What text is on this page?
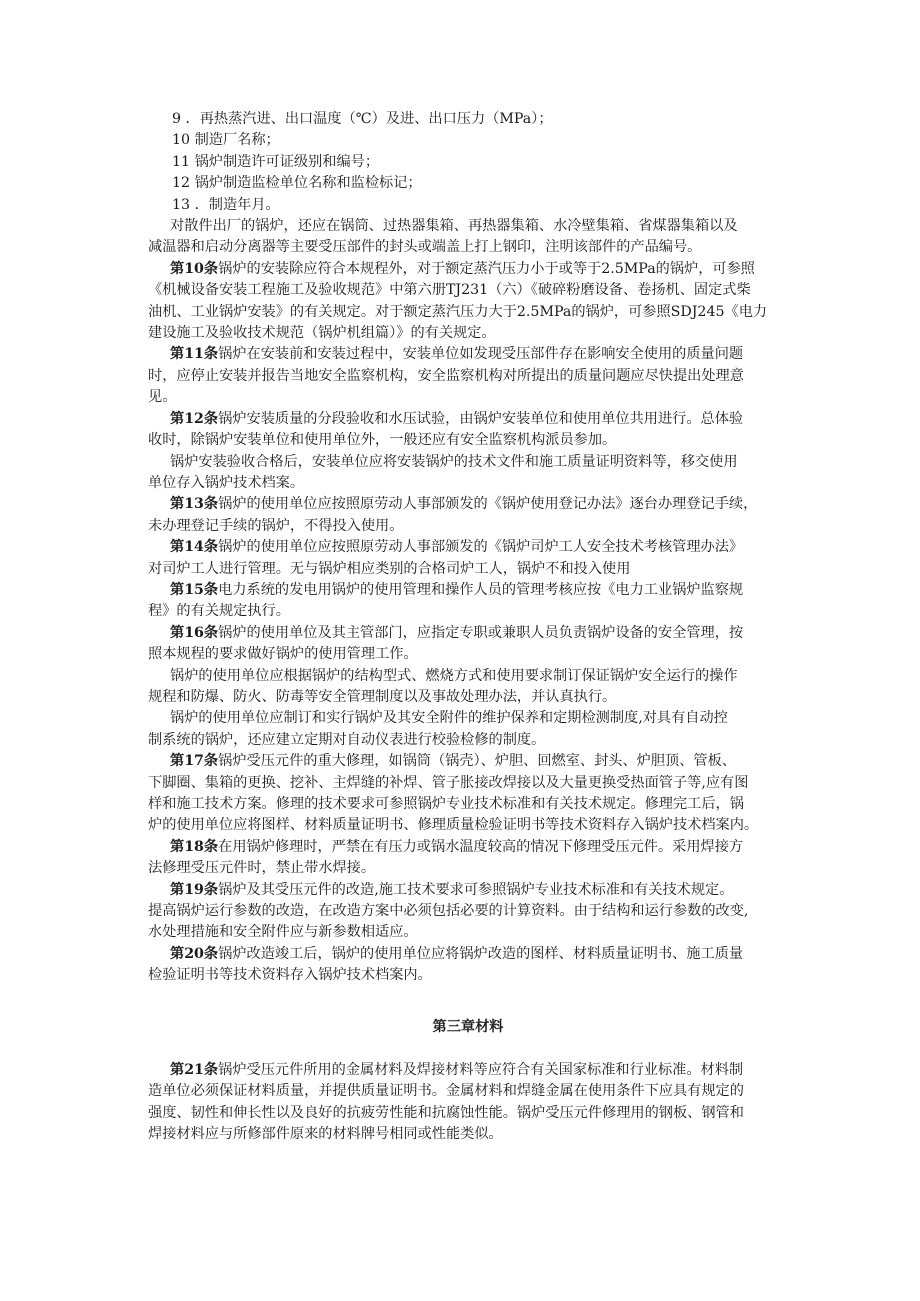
9 ．再热蒸汽进、出口温度（℃）及进、出口压力（MPa）；
10 制造厂名称；
11 锅炉制造许可证级别和编号；
12 锅炉制造监检单位名称和监检标记；
13 ．制造年月。
对散件出厂的锅炉，还应在锅筒、过热器集箱、再热器集箱、水冷壁集箱、省煤器集箱以及
减温器和启动分离器等主要受压部件的封头或端盖上打上钢印，注明该部件的产品编号。
第10条锅炉的安装除应符合本规程外，对于额定蒸汽压力小于或等于2.5MPa的锅炉，可参照
《机械设备安装工程施工及验收规范》中第六册TJ231（六）《破碎粉磨设备、卷扬机、固定式柴
油机、工业锅炉安装》的有关规定。对于额定蒸汽压力大于2.5MPa的锅炉，可参照SDJ245《电力
建设施工及验收技术规范（锅炉机组篇）》的有关规定。
第11条锅炉在安装前和安装过程中，安装单位如发现受压部件存在影响安全使用的质量问题
时，应停止安装并报告当地安全监察机构，安全监察机构对所提出的质量问题应尽快提出处理意
见。
第12条锅炉安装质量的分段验收和水压试验，由锅炉安装单位和使用单位共用进行。总体验
收时，除锅炉安装单位和使用单位外，一般还应有安全监察机构派员参加。
锅炉安装验收合格后，安装单位应将安装锅炉的技术文件和施工质量证明资料等，移交使用
单位存入锅炉技术档案。
第13条锅炉的使用单位应按照原劳动人事部颁发的《锅炉使用登记办法》逐台办理登记手续，
未办理登记手续的锅炉，不得投入使用。
第14条锅炉的使用单位应按照原劳动人事部颁发的《锅炉司炉工人安全技术考核管理办法》
对司炉工人进行管理。无与锅炉相应类别的合格司炉工人，锅炉不和投入使用
第15条电力系统的发电用锅炉的使用管理和操作人员的管理考核应按《电力工业锅炉监察规
程》的有关规定执行。
第16条锅炉的使用单位及其主管部门，应指定专职或兼职人员负责锅炉设备的安全管理，按
照本规程的要求做好锅炉的使用管理工作。
锅炉的使用单位应根据锅炉的结构型式、燃烧方式和使用要求制订保证锅炉安全运行的操作
规程和防爆、防火、防毒等安全管理制度以及事故处理办法，并认真执行。
锅炉的使用单位应制订和实行锅炉及其安全附件的维护保养和定期检测制度,对具有自动控
制系统的锅炉，还应建立定期对自动仪表进行校验检修的制度。
第17条锅炉受压元件的重大修理，如锅筒（锅壳）、炉胆、回燃室、封头、炉胆顶、管板、
下脚圈、集箱的更换、挖补、主焊缝的补焊、管子胀接改焊接以及大量更换受热面管子等,应有图
样和施工技术方案。修理的技术要求可参照锅炉专业技术标准和有关技术规定。修理完工后，锅
炉的使用单位应将图样、材料质量证明书、修理质量检验证明书等技术资料存入锅炉技术档案内。
第18条在用锅炉修理时，严禁在有压力或锅水温度较高的情况下修理受压元件。采用焊接方
法修理受压元件时，禁止带水焊接。
第19条锅炉及其受压元件的改造,施工技术要求可参照锅炉专业技术标准和有关技术规定。
提高锅炉运行参数的改造，在改造方案中必须包括必要的计算资料。由于结构和运行参数的改变,
水处理措施和安全附件应与新参数相适应。
第20条锅炉改造竣工后，锅炉的使用单位应将锅炉改造的图样、材料质量证明书、施工质量
检验证明书等技术资料存入锅炉技术档案内。
第三章材料
第21条锅炉受压元件所用的金属材料及焊接材料等应符合有关国家标准和行业标准。材料制
造单位必须保证材料质量，并提供质量证明书。金属材料和焊缝金属在使用条件下应具有规定的
强度、韧性和伸长性以及良好的抗疲劳性能和抗腐蚀性能。锅炉受压元件修理用的钢板、钢管和
焊接材料应与所修部件原来的材料牌号相同或性能类似。
